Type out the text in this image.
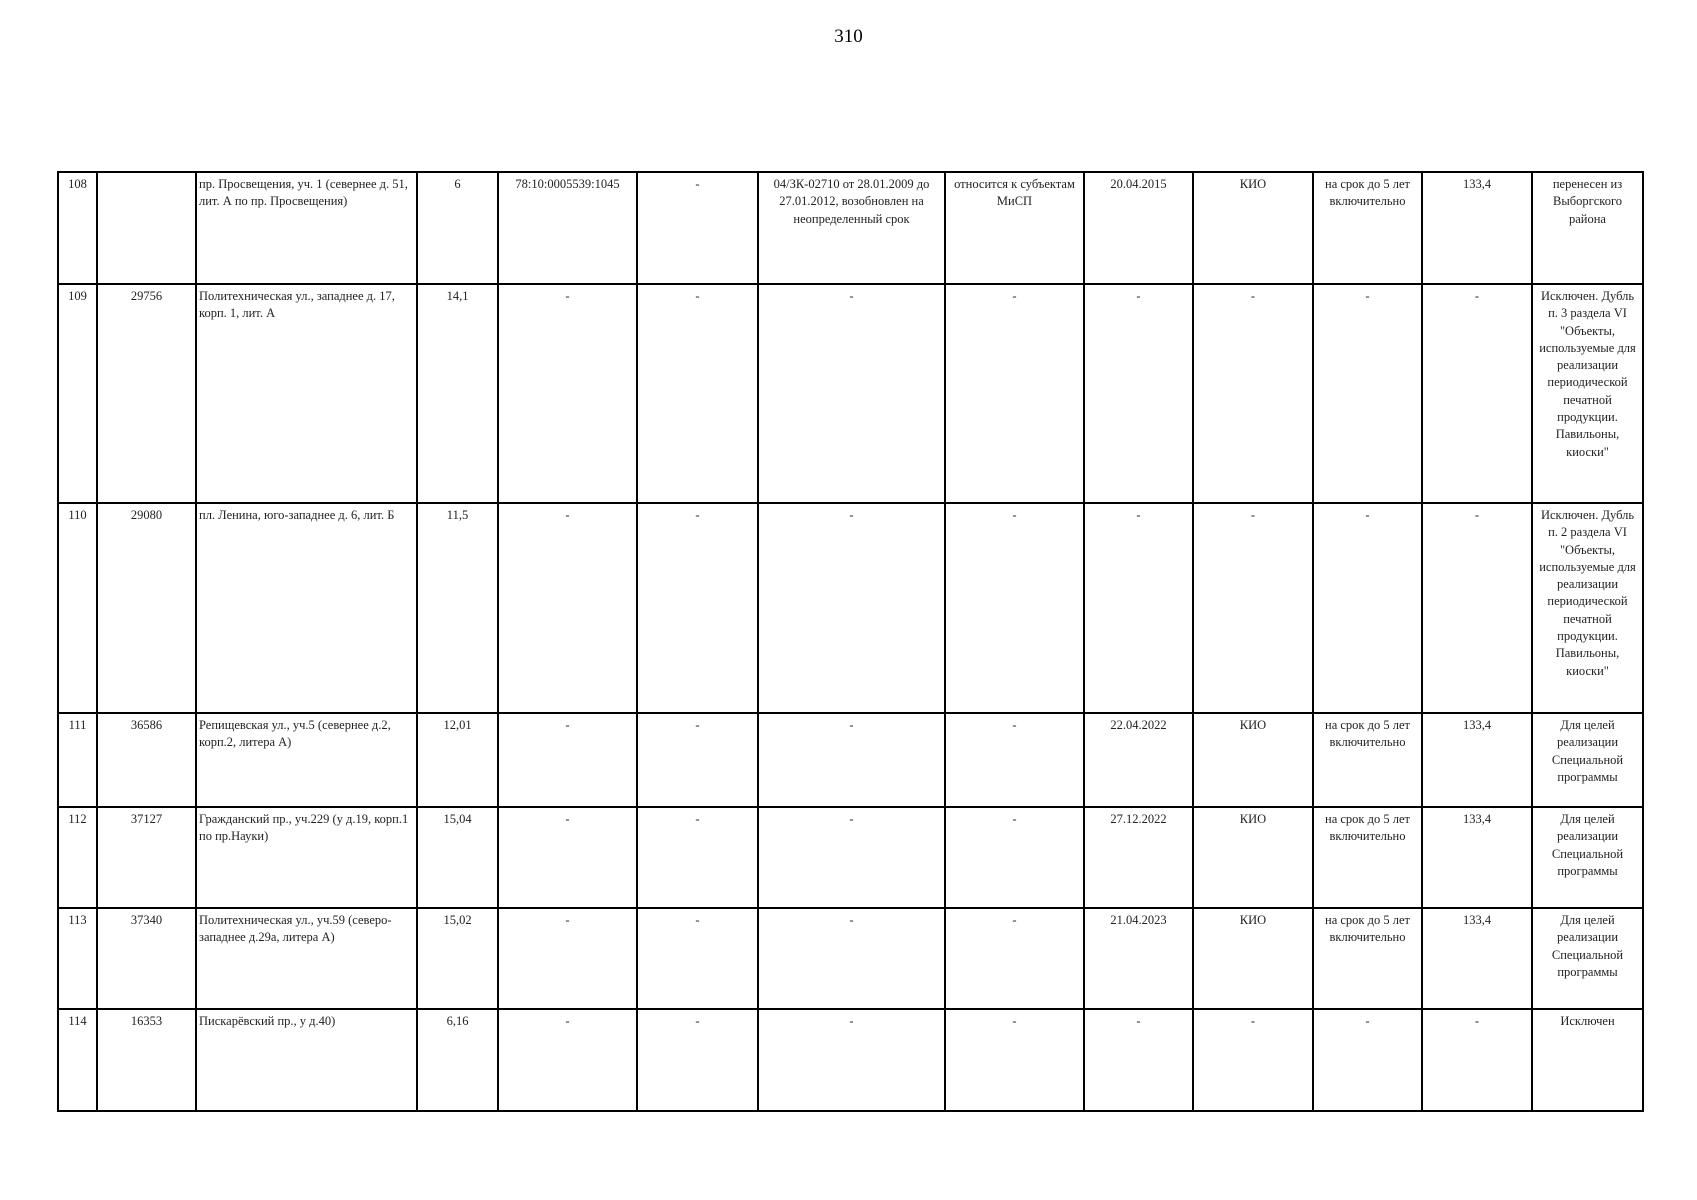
310
108		пр. Просвещения, уч. 1 (севернее д. 51, лит. А по пр. Просвещения)	6	78:10:0005539:1045	-	04/ЗК-02710 от 28.01.2009 до 27.01.2012, возобновлен на неопределенный срок	относится к субъектам МиСП	20.04.2015	КИО	на срок до 5 лет включительно	133,4	перенесен из Выборгского района
109	29756	Политехническая ул., западнее д. 17, корп. 1, лит. А	14,1	-	-	-	-	-	-	-	-	Исключен. Дубль п. 3 раздела VI "Объекты, используемые для реализации периодической печатной продукции. Павильоны, киоски"
110	29080	пл. Ленина, юго-западнее д. 6, лит. Б	11,5	-	-	-	-	-	-	-	-	Исключен. Дубль п. 2 раздела VI "Объекты, используемые для реализации периодической печатной продукции. Павильоны, киоски"
111	36586	Репищевская ул., уч.5 (севернее д.2, корп.2, литера А)	12,01	-	-	-	-	22.04.2022	КИО	на срок до 5 лет включительно	133,4	Для целей реализации Специальной программы
112	37127	Гражданский пр., уч.229 (у д.19, корп.1 по пр.Науки)	15,04	-	-	-	-	27.12.2022	КИО	на срок до 5 лет включительно	133,4	Для целей реализации Специальной программы
113	37340	Политехническая ул., уч.59 (северо-западнее д.29а, литера А)	15,02	-	-	-	-	21.04.2023	КИО	на срок до 5 лет включительно	133,4	Для целей реализации Специальной программы
114	16353	Пискарёвский пр., у д.40)	6,16	-	-	-	-	-	-	-	-	Исключен
